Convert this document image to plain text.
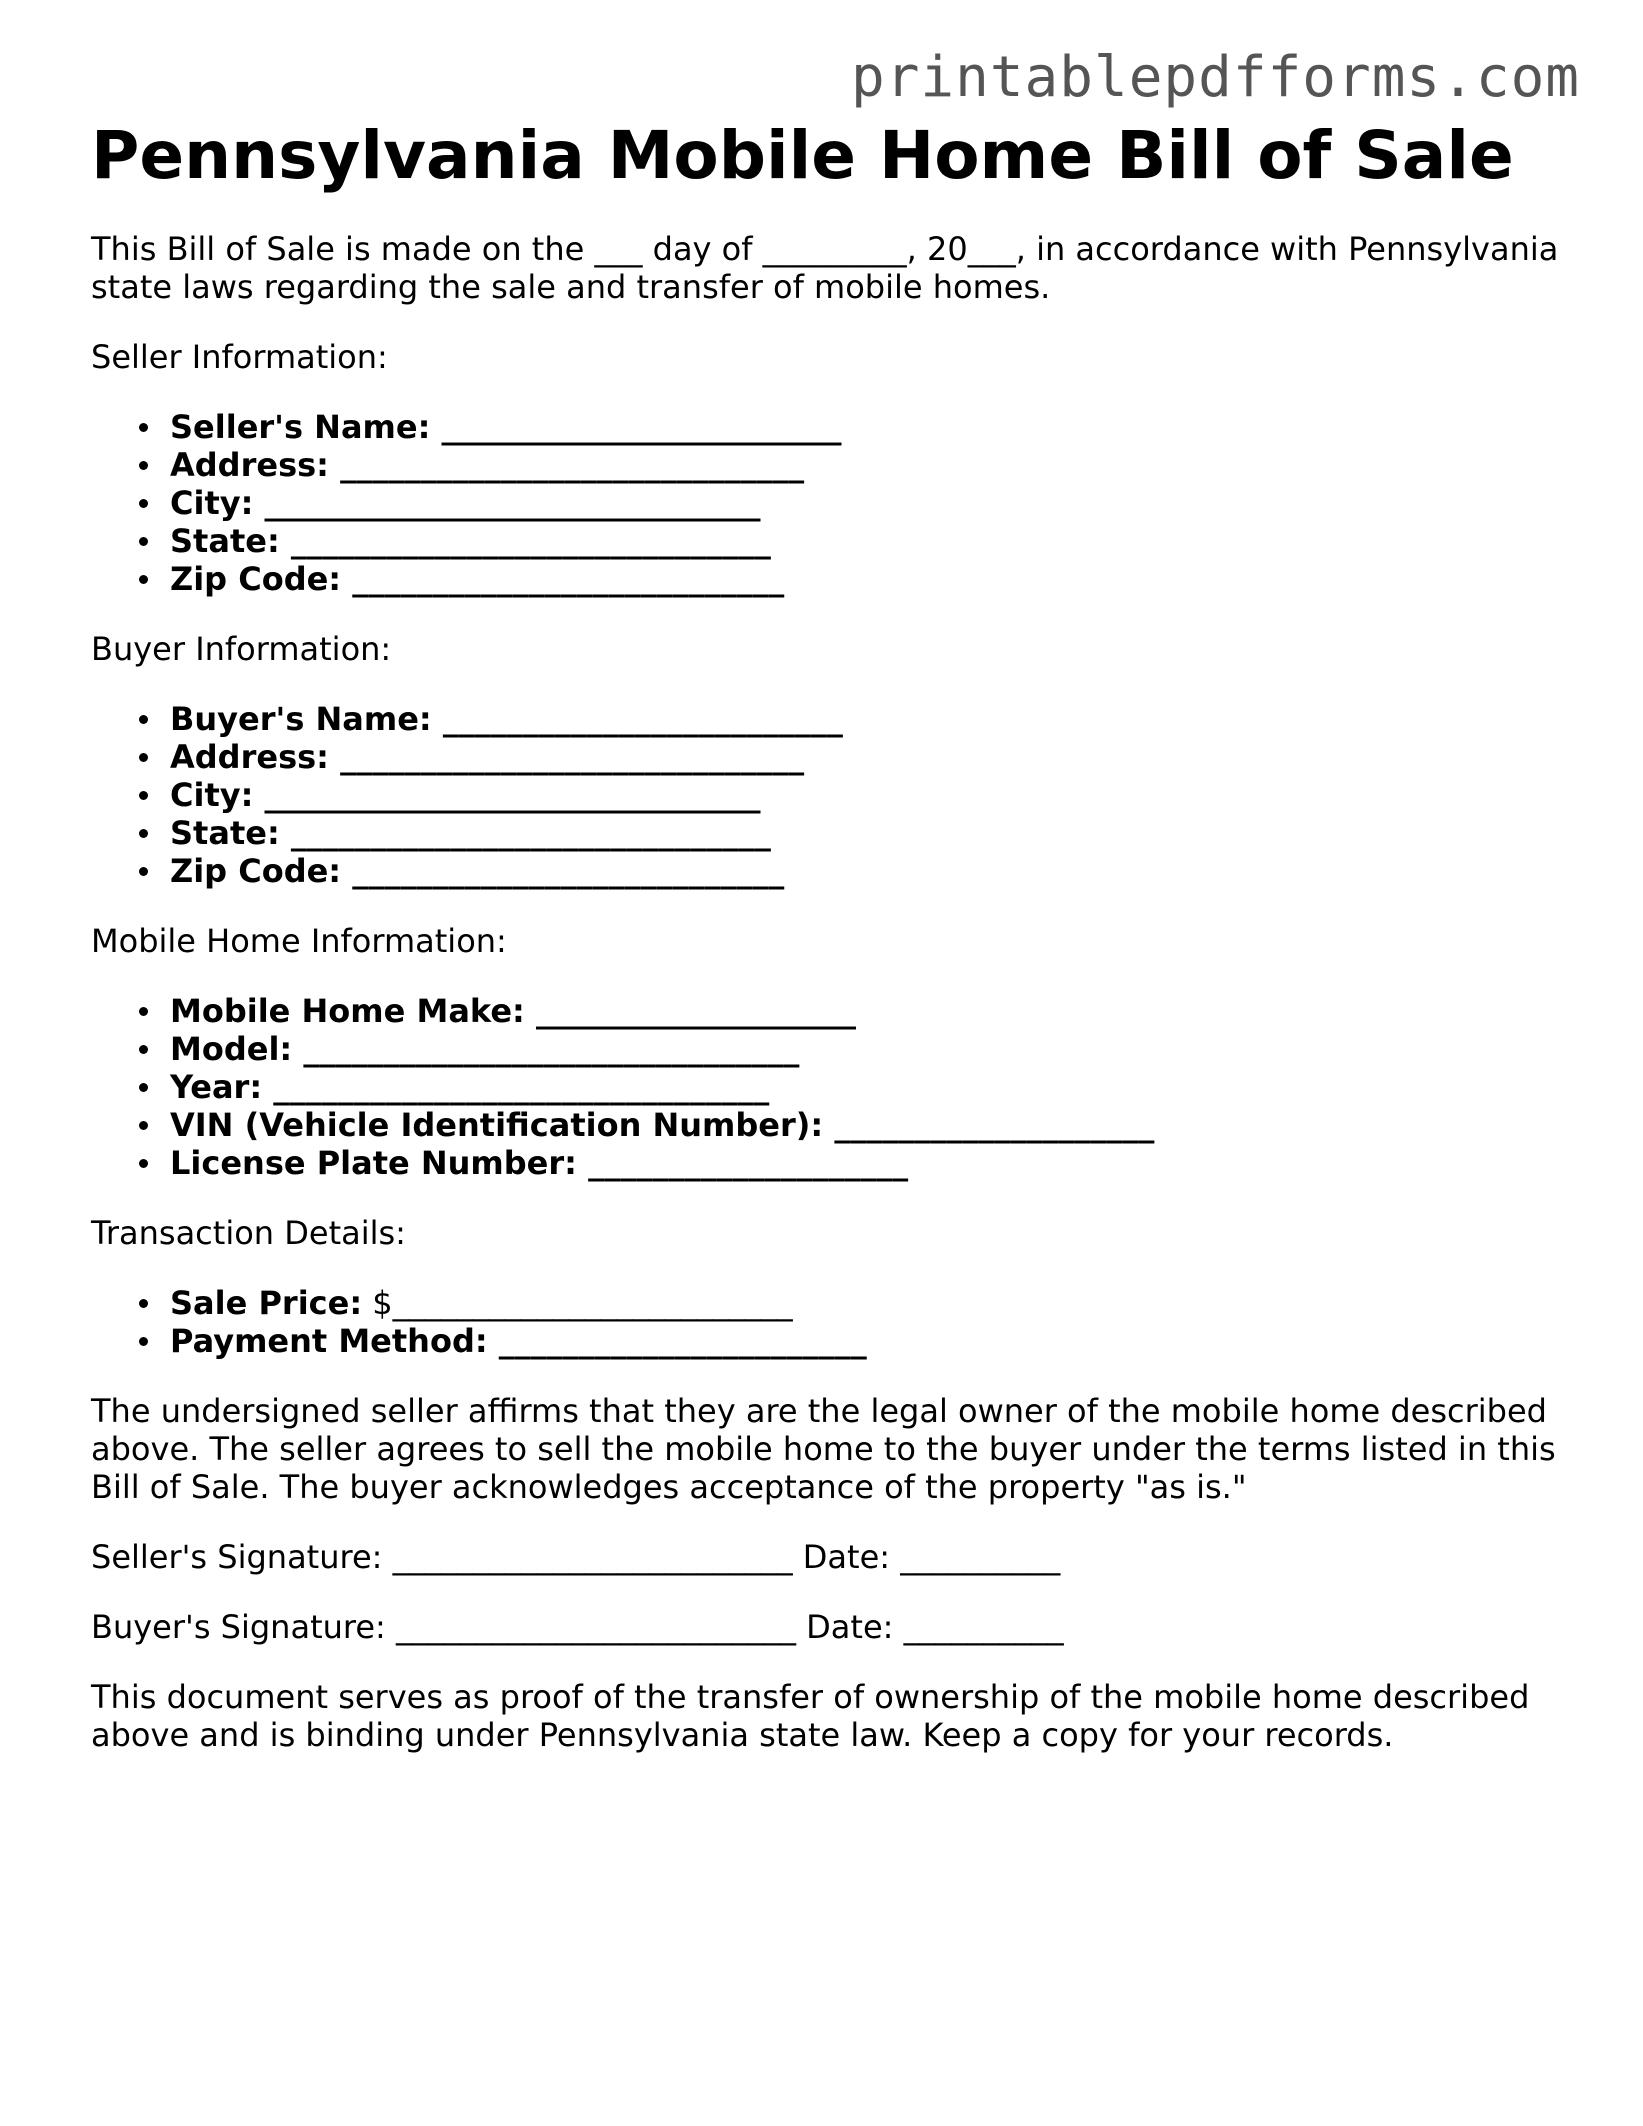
printablepdfforms.com
Pennsylvania Mobile Home Bill of Sale

This Bill of Sale is made on the ___ day of _________, 20___, in accordance with Pennsylvania state laws regarding the sale and transfer of mobile homes.

Seller Information:

Seller's Name: _________________________
Address: _____________________________
City: _______________________________
State: ______________________________
Zip Code: ___________________________

Buyer Information:

Buyer's Name: _________________________
Address: _____________________________
City: _______________________________
State: ______________________________
Zip Code: ___________________________

Mobile Home Information:

Mobile Home Make: ____________________
Model: _______________________________
Year: _______________________________
VIN (Vehicle Identification Number): ____________________
License Plate Number: ____________________

Transaction Details:

Sale Price: $_________________________
Payment Method: _______________________

The undersigned seller affirms that they are the legal owner of the mobile home described above. The seller agrees to sell the mobile home to the buyer under the terms listed in this Bill of Sale. The buyer acknowledges acceptance of the property "as is."

Seller's Signature: _________________________ Date: __________

Buyer's Signature: _________________________ Date: __________

This document serves as proof of the transfer of ownership of the mobile home described above and is binding under Pennsylvania state law. Keep a copy for your records.
